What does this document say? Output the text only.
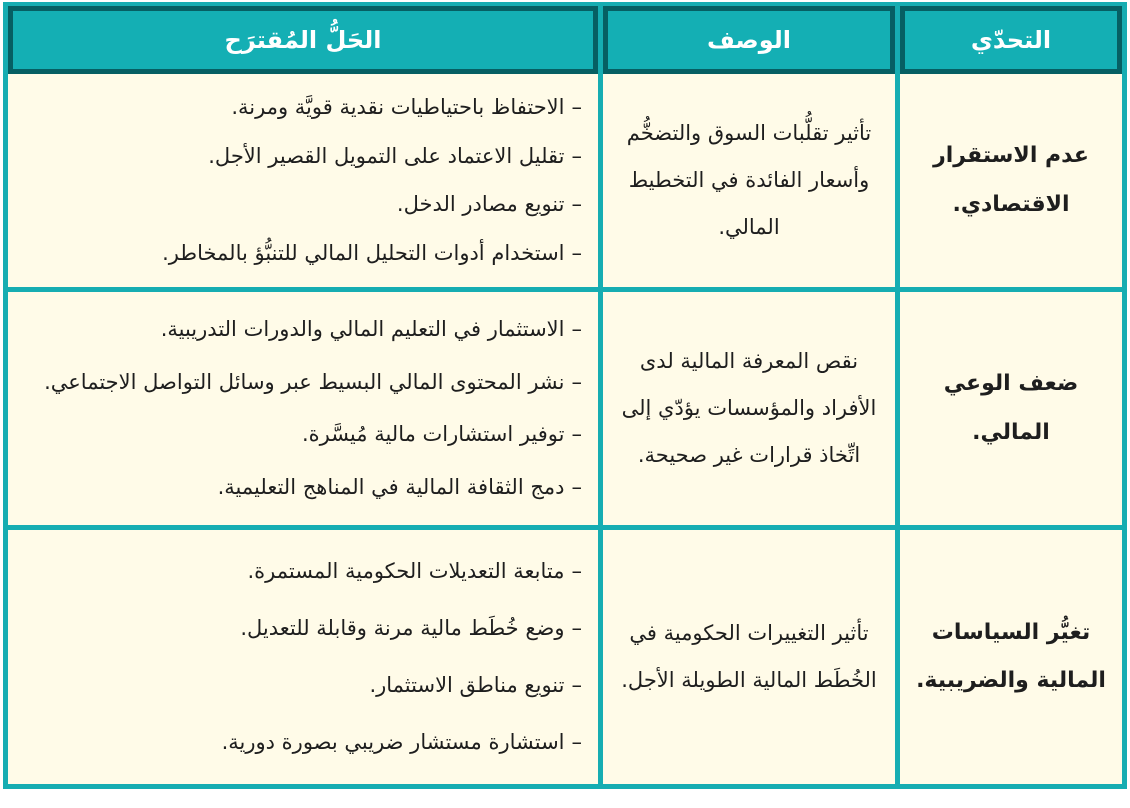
التحدّي
الوصف
الحَلُّ المُقترَح
عدم الاستقرار الاقتصادي.
تأثير تقلُّبات السوق والتضخُّم وأسعار الفائدة في التخطيط المالي.
–
الاحتفاظ باحتياطيات نقدية قويَّة ومرنة.
–
تقليل الاعتماد على التمويل القصير الأجل.
–
تنويع مصادر الدخل.
–
استخدام أدوات التحليل المالي للتنبُّؤ بالمخاطر.
ضعف الوعي المالي.
نقص المعرفة المالية لدى الأفراد والمؤسسات يؤدّي إلى اتِّخاذ قرارات غير صحيحة.
–
الاستثمار في التعليم المالي والدورات التدريبية.
–
نشر المحتوى المالي البسيط عبر وسائل التواصل الاجتماعي.
–
توفير استشارات مالية مُيسَّرة.
–
دمج الثقافة المالية في المناهج التعليمية.
تغيُّر السياسات المالية والضريبية.
تأثير التغييرات الحكومية في الخُطَط المالية الطويلة الأجل.
–
متابعة التعديلات الحكومية المستمرة.
–
وضع خُطَط مالية مرنة وقابلة للتعديل.
–
تنويع مناطق الاستثمار.
–
استشارة مستشار ضريبي بصورة دورية.
